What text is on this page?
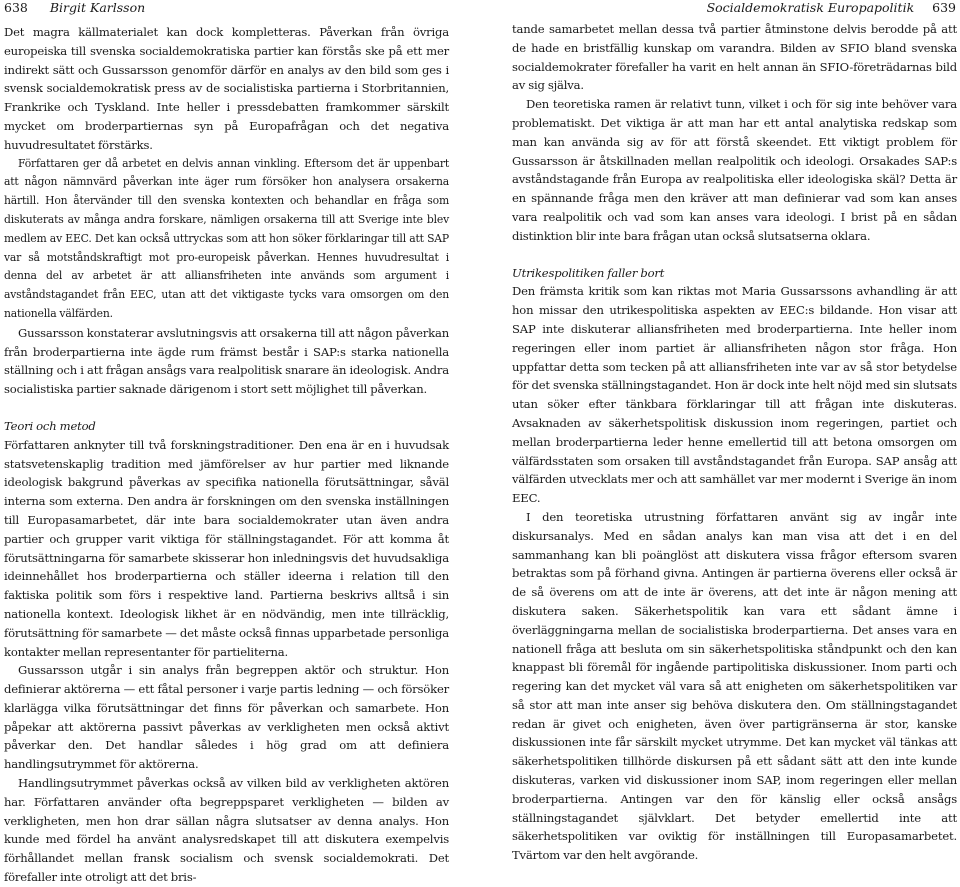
638 Birgit Karlsson

Det magra källmaterialet kan dock kompletteras. Påverkan från övriga europeiska till svenska socialdemokratiska partier kan förstås ske på ett mer indirekt sätt och Gussarsson genomför därför en analys av den bild som ges i svensk socialdemokratisk press av de socialistiska partierna i Storbritannien, Frankrike och Tyskland. Inte heller i pressdebatten framkommer särskilt mycket om broderpartiernas syn på Europafrågan och det negativa huvudresultatet förstärks.

Författaren ger då arbetet en delvis annan vinkling. Eftersom det är uppenbart att någon nämnvärd påverkan inte äger rum försöker hon analysera orsakerna härtill. Hon återvänder till den svenska kontexten och behandlar en fråga som diskuterats av många andra forskare, nämligen orsakerna till att Sverige inte blev medlem av EEC. Det kan också uttryckas som att hon söker förklaringar till att SAP var så motståndskraftigt mot pro-europeisk påverkan. Hennes huvudresultat i denna del av arbetet är att alliansfriheten inte används som argument i avståndstagandet från EEC, utan att det viktigaste tycks vara omsorgen om den nationella välfärden.

Gussarsson konstaterar avslutningsvis att orsakerna till att någon påverkan från broderpartierna inte ägde rum främst består i SAP:s starka nationella ställning och i att frågan ansågs vara realpolitisk snarare än ideologisk. Andra socialistiska partier saknade därigenom i stort sett möjlighet till påverkan.

Teori och metod

Författaren anknyter till två forskningstraditioner. Den ena är en i huvudsak statsvetenskaplig tradition med jämförelser av hur partier med liknande ideologisk bakgrund påverkas av specifika nationella förutsättningar, såväl interna som externa. Den andra är forskningen om den svenska inställningen till Europasamarbetet, där inte bara socialdemokrater utan även andra partier och grupper varit viktiga för ställningstagandet. För att komma åt förutsättningarna för samarbete skisserar hon inledningsvis det huvudsakliga ideinnehållet hos broderpartierna och ställer ideerna i relation till den faktiska politik som förs i respektive land. Partierna beskrivs alltså i sin nationella kontext. Ideologisk likhet är en nödvändig, men inte tillräcklig, förutsättning för samarbete — det måste också finnas upparbetade personliga kontakter mellan representanter för partieliterna.

Gussarsson utgår i sin analys från begreppen aktör och struktur. Hon definierar aktörerna — ett fåtal personer i varje partis ledning — och försöker klarlägga vilka förutsättningar det finns för påverkan och samarbete. Hon påpekar att aktörerna passivt påverkas av verkligheten men också aktivt påverkar den. Det handlar således i hög grad om att definiera handlingsutrymmet för aktörerna.

Handlingsutrymmet påverkas också av vilken bild av verkligheten aktören har. Författaren använder ofta begreppsparet verkligheten — bilden av verkligheten, men hon drar sällan några slutsatser av denna analys. Hon kunde med fördel ha använt analysredskapet till att diskutera exempelvis förhållandet mellan fransk socialism och svensk socialdemokrati. Det förefaller inte otroligt att det bris-

Socialdemokratisk Europapolitik 639

tande samarbetet mellan dessa två partier åtminstone delvis berodde på att de hade en bristfällig kunskap om varandra. Bilden av SFIO bland svenska socialdemokrater förefaller ha varit en helt annan än SFIO-företrädarnas bild av sig själva.

Den teoretiska ramen är relativt tunn, vilket i och för sig inte behöver vara problematiskt. Det viktiga är att man har ett antal analytiska redskap som man kan använda sig av för att förstå skeendet. Ett viktigt problem för Gussarsson är åtskillnaden mellan realpolitik och ideologi. Orsakades SAP:s avståndstagande från Europa av realpolitiska eller ideologiska skäl? Detta är en spännande fråga men den kräver att man definierar vad som kan anses vara realpolitik och vad som kan anses vara ideologi. I brist på en sådan distinktion blir inte bara frågan utan också slutsatserna oklara.

Utrikespolitiken faller bort

Den främsta kritik som kan riktas mot Maria Gussarssons avhandling är att hon missar den utrikespolitiska aspekten av EEC:s bildande. Hon visar att SAP inte diskuterar alliansfriheten med broderpartierna. Inte heller inom regeringen eller inom partiet är alliansfriheten någon stor fråga. Hon uppfattar detta som tecken på att alliansfriheten inte var av så stor betydelse för det svenska ställningstagandet. Hon är dock inte helt nöjd med sin slutsats utan söker efter tänkbara förklaringar till att frågan inte diskuteras. Avsaknaden av säkerhetspolitisk diskussion inom regeringen, partiet och mellan broderpartierna leder henne emellertid till att betona omsorgen om välfärdsstaten som orsaken till avståndstagandet från Europa. SAP ansåg att välfärden utvecklats mer och att samhället var mer modernt i Sverige än inom EEC.

I den teoretiska utrustning författaren använt sig av ingår inte diskursanalys. Med en sådan analys kan man visa att det i en del sammanhang kan bli poänglöst att diskutera vissa frågor eftersom svaren betraktas som på förhand givna. Antingen är partierna överens eller också är de så överens om att de inte är överens, att det inte är någon mening att diskutera saken. Säkerhetspolitik kan vara ett sådant ämne i överläggningarna mellan de socialistiska broderpartierna. Det anses vara en nationell fråga att beslutа om sin säkerhetspolitiska ståndpunkt och den kan knappast bli föremål för ingående partipolitiska diskussioner. Inom parti och regering kan det mycket väl vara så att enigheten om säkerhetspolitiken var så stor att man inte anser sig behöva diskutera den. Om ställningstagandet redan är givet och enigheten, även över partigränserna är stor, kanske diskussionen inte får särskilt mycket utrymme. Det kan mycket väl tänkas att säkerhetspolitiken tillhörde diskursen på ett sådant sätt att den inte kunde diskuteras, varken vid diskussioner inom SAP, inom regeringen eller mellan broderpartierna. Antingen var den för känslig eller också ansågs ställningstagandet självklart. Det betyder emellertid inte att säkerhetspolitiken var oviktig för inställningen till Europasamarbetet. Tvärtom var den helt avgörande.
